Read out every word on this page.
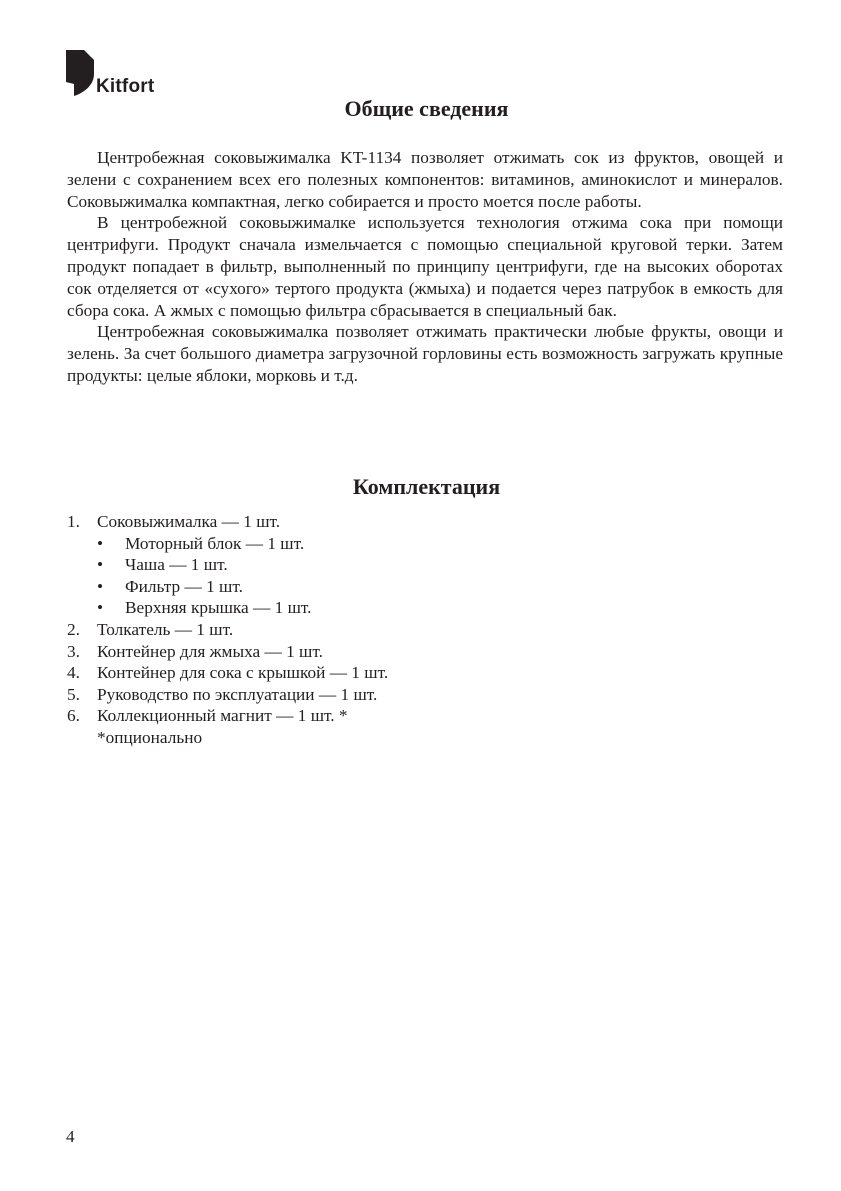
Kitfort
Общие сведения

Центробежная соковыжималка KT-1134 позволяет отжимать сок из фруктов, овощей и зелени с сохранением всех его полезных компонентов: витаминов, аминокислот и минералов. Соковыжималка компактная, легко собирается и просто моется после работы.

В центробежной соковыжималке используется технология отжима сока при помощи центрифуги. Продукт сначала измельчается с помощью специальной круговой терки. Затем продукт попадает в фильтр, выполненный по принципу центрифуги, где на высоких оборотах сок отделяется от «сухого» тертого продукта (жмыха) и подается через патрубок в емкость для сбора сока. А жмых с помощью фильтра сбрасывается в специальный бак.

Центробежная соковыжималка позволяет отжимать практически любые фрукты, овощи и зелень. За счет большого диаметра загрузочной горловины есть возможность загружать крупные продукты: целые яблоки, морковь и т.д.

Комплектация
1. Соковыжималка — 1 шт.
•	Моторный блок — 1 шт.
•	Чаша — 1 шт.
•	Фильтр — 1 шт.
•	Верхняя крышка — 1 шт.
2. Толкатель — 1 шт.
3. Контейнер для жмыха — 1 шт.
4. Контейнер для сока с крышкой — 1 шт.
5. Руководство по эксплуатации — 1 шт.
6. Коллекционный магнит — 1 шт. *
*опционально
4
